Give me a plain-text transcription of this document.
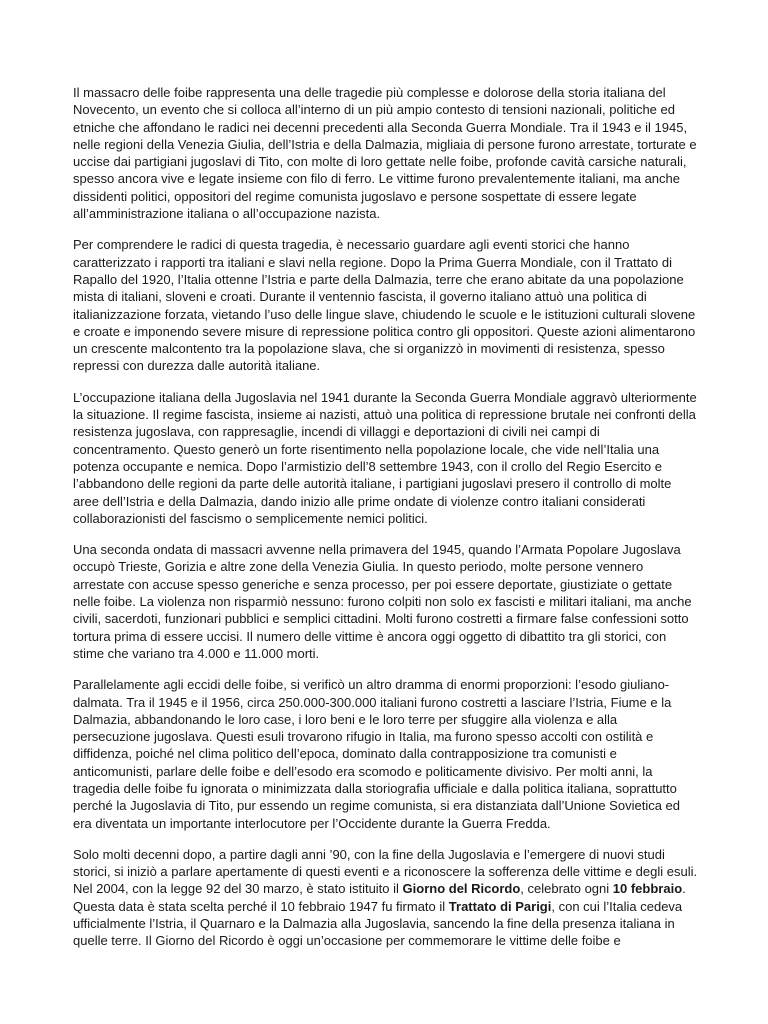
Il massacro delle foibe rappresenta una delle tragedie più complesse e dolorose della storia italiana del Novecento, un evento che si colloca all’interno di un più ampio contesto di tensioni nazionali, politiche ed etniche che affondano le radici nei decenni precedenti alla Seconda Guerra Mondiale. Tra il 1943 e il 1945, nelle regioni della Venezia Giulia, dell’Istria e della Dalmazia, migliaia di persone furono arrestate, torturate e uccise dai partigiani jugoslavi di Tito, con molte di loro gettate nelle foibe, profonde cavità carsiche naturali, spesso ancora vive e legate insieme con filo di ferro. Le vittime furono prevalentemente italiani, ma anche dissidenti politici, oppositori del regime comunista jugoslavo e persone sospettate di essere legate all’amministrazione italiana o all’occupazione nazista.

Per comprendere le radici di questa tragedia, è necessario guardare agli eventi storici che hanno caratterizzato i rapporti tra italiani e slavi nella regione. Dopo la Prima Guerra Mondiale, con il Trattato di Rapallo del 1920, l’Italia ottenne l’Istria e parte della Dalmazia, terre che erano abitate da una popolazione mista di italiani, sloveni e croati. Durante il ventennio fascista, il governo italiano attuò una politica di italianizzazione forzata, vietando l’uso delle lingue slave, chiudendo le scuole e le istituzioni culturali slovene e croate e imponendo severe misure di repressione politica contro gli oppositori. Queste azioni alimentarono un crescente malcontento tra la popolazione slava, che si organizzò in movimenti di resistenza, spesso repressi con durezza dalle autorità italiane.

L’occupazione italiana della Jugoslavia nel 1941 durante la Seconda Guerra Mondiale aggravò ulteriormente la situazione. Il regime fascista, insieme ai nazisti, attuò una politica di repressione brutale nei confronti della resistenza jugoslava, con rappresaglie, incendi di villaggi e deportazioni di civili nei campi di concentramento. Questo generò un forte risentimento nella popolazione locale, che vide nell’Italia una potenza occupante e nemica. Dopo l’armistizio dell’8 settembre 1943, con il crollo del Regio Esercito e l’abbandono delle regioni da parte delle autorità italiane, i partigiani jugoslavi presero il controllo di molte aree dell’Istria e della Dalmazia, dando inizio alle prime ondate di violenze contro italiani considerati collaborazionisti del fascismo o semplicemente nemici politici.

Una seconda ondata di massacri avvenne nella primavera del 1945, quando l’Armata Popolare Jugoslava occupò Trieste, Gorizia e altre zone della Venezia Giulia. In questo periodo, molte persone vennero arrestate con accuse spesso generiche e senza processo, per poi essere deportate, giustiziate o gettate nelle foibe. La violenza non risparmiò nessuno: furono colpiti non solo ex fascisti e militari italiani, ma anche civili, sacerdoti, funzionari pubblici e semplici cittadini. Molti furono costretti a firmare false confessioni sotto tortura prima di essere uccisi. Il numero delle vittime è ancora oggi oggetto di dibattito tra gli storici, con stime che variano tra 4.000 e 11.000 morti.

Parallelamente agli eccidi delle foibe, si verificò un altro dramma di enormi proporzioni: l’esodo giuliano-dalmata. Tra il 1945 e il 1956, circa 250.000-300.000 italiani furono costretti a lasciare l’Istria, Fiume e la Dalmazia, abbandonando le loro case, i loro beni e le loro terre per sfuggire alla violenza e alla persecuzione jugoslava. Questi esuli trovarono rifugio in Italia, ma furono spesso accolti con ostilità e diffidenza, poiché nel clima politico dell’epoca, dominato dalla contrapposizione tra comunisti e anticomunisti, parlare delle foibe e dell’esodo era scomodo e politicamente divisivo. Per molti anni, la tragedia delle foibe fu ignorata o minimizzata dalla storiografia ufficiale e dalla politica italiana, soprattutto perché la Jugoslavia di Tito, pur essendo un regime comunista, si era distanziata dall’Unione Sovietica ed era diventata un importante interlocutore per l’Occidente durante la Guerra Fredda.

Solo molti decenni dopo, a partire dagli anni ’90, con la fine della Jugoslavia e l’emergere di nuovi studi storici, si iniziò a parlare apertamente di questi eventi e a riconoscere la sofferenza delle vittime e degli esuli. Nel 2004, con la legge 92 del 30 marzo, è stato istituito il Giorno del Ricordo, celebrato ogni 10 febbraio. Questa data è stata scelta perché il 10 febbraio 1947 fu firmato il Trattato di Parigi, con cui l’Italia cedeva ufficialmente l’Istria, il Quarnaro e la Dalmazia alla Jugoslavia, sancendo la fine della presenza italiana in quelle terre. Il Giorno del Ricordo è oggi un’occasione per commemorare le vittime delle foibe e
